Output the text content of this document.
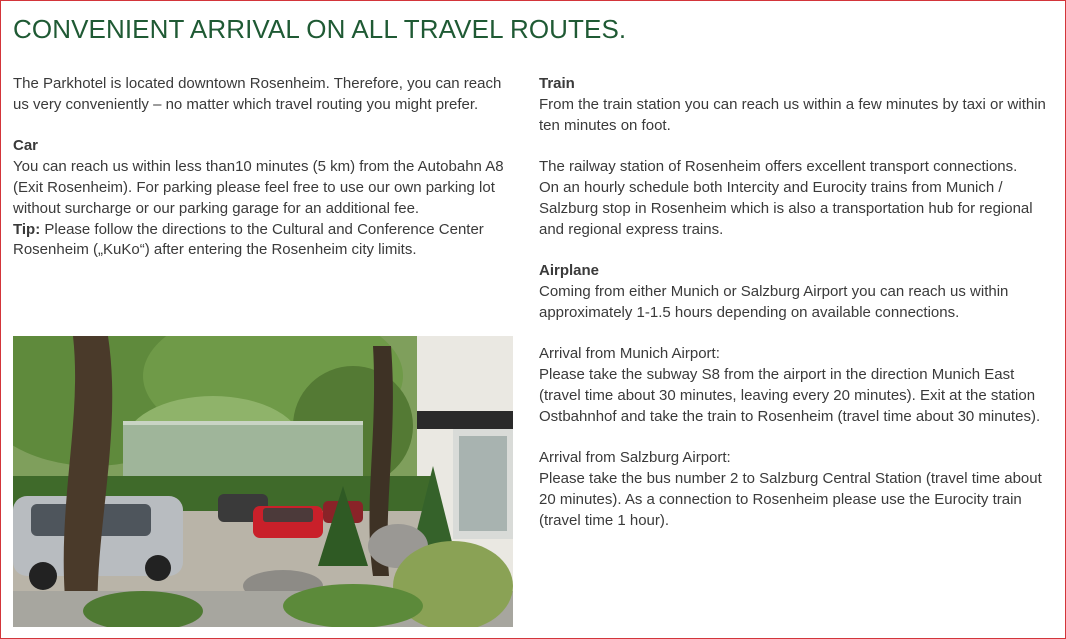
CONVENIENT ARRIVAL ON ALL TRAVEL ROUTES.

The Parkhotel is located downtown Rosenheim. Therefore, you can reach us very conveniently – no matter which travel routing you might prefer.

Car
You can reach us within less than10 minutes (5 km) from the Autobahn A8 (Exit Rosenheim). For parking please feel free to use our own parking lot without surcharge or our parking garage for an additional fee.
Tip: Please follow the directions to the Cultural and Conference Center Rosenheim („KuKo“) after entering the Rosenheim city limits.

Train
From the train station you can reach us within a few minutes by taxi or within ten minutes on foot.

The railway station of Rosenheim offers excellent transport connections.
On an hourly schedule both Intercity and Eurocity trains from Munich / Salzburg stop in Rosenheim which is also a transportation hub for regional and regional express trains.

Airplane
Coming from either Munich or Salzburg Airport you can reach us within approximately 1-1.5 hours depending on available connections.

Arrival from Munich Airport:
Please take the subway S8 from the airport in the direction Munich East (travel time about 30 minutes, leaving every 20 minutes). Exit at the station Ostbahnhof and take the train to Rosenheim (travel time about 30 minutes).

Arrival from Salzburg Airport:
Please take the bus number 2 to Salzburg Central Station (travel time about 20 minutes). As a connection to Rosenheim please use the Eurocity train (travel time 1 hour).
